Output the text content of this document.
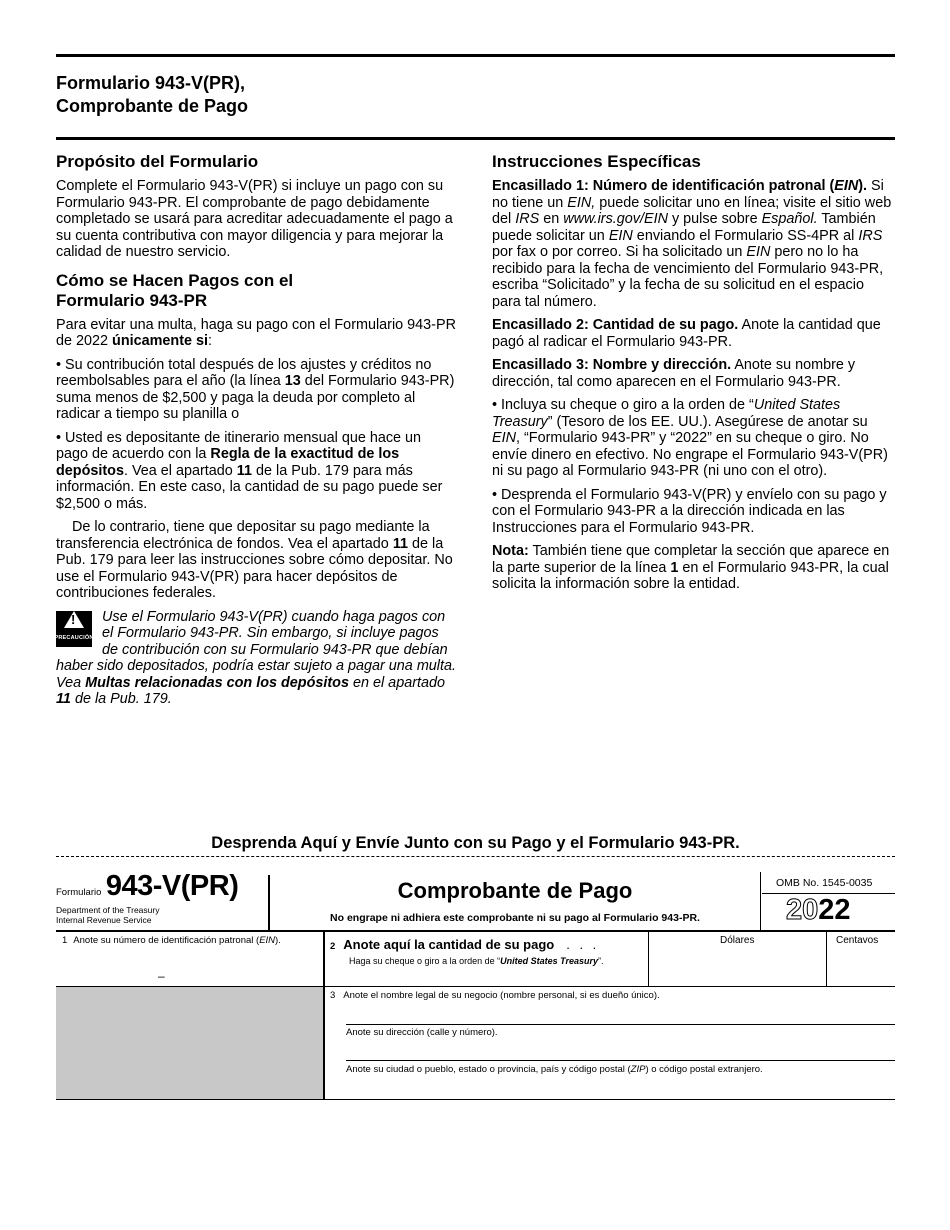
Formulario 943-V(PR),
Comprobante de Pago
Propósito del Formulario

Complete el Formulario 943-V(PR) si incluye un pago con su Formulario 943-PR. El comprobante de pago debidamente completado se usará para acreditar adecuadamente el pago a su cuenta contributiva con mayor diligencia y para mejorar la calidad de nuestro servicio.

Cómo se Hacen Pagos con el
Formulario 943-PR

Para evitar una multa, haga su pago con el Formulario 943-PR de 2022 únicamente si:

• Su contribución total después de los ajustes y créditos no reembolsables para el año (la línea 13 del Formulario 943-PR) suma menos de $2,500 y paga la deuda por completo al radicar a tiempo su planilla o

• Usted es depositante de itinerario mensual que hace un pago de acuerdo con la Regla de la exactitud de los depósitos. Vea el apartado 11 de la Pub. 179 para más información. En este caso, la cantidad de su pago puede ser $2,500 o más.

De lo contrario, tiene que depositar su pago mediante la transferencia electrónica de fondos. Vea el apartado 11 de la Pub. 179 para leer las instrucciones sobre cómo depositar. No use el Formulario 943-V(PR) para hacer depósitos de contribuciones federales.

!
PRECAUCIÓN
Use el Formulario 943-V(PR) cuando haga pagos con el Formulario 943-PR. Sin embargo, si incluye pagos de contribución con su Formulario 943-PR que debían haber sido depositados, podría estar sujeto a pagar una multa. Vea Multas relacionadas con los depósitos en el apartado 11 de la Pub. 179.
Instrucciones Específicas

Encasillado 1: Número de identificación patronal (EIN). Si no tiene un EIN, puede solicitar uno en línea; visite el sitio web del IRS en www.irs.gov/EIN y pulse sobre Español. También puede solicitar un EIN enviando el Formulario SS-4PR al IRS por fax o por correo. Si ha solicitado un EIN pero no lo ha recibido para la fecha de vencimiento del Formulario 943-PR, escriba “Solicitado” y la fecha de su solicitud en el espacio para tal número.

Encasillado 2: Cantidad de su pago. Anote la cantidad que pagó al radicar el Formulario 943-PR.

Encasillado 3: Nombre y dirección. Anote su nombre y dirección, tal como aparecen en el Formulario 943-PR.

• Incluya su cheque o giro a la orden de “United States Treasury” (Tesoro de los EE. UU.). Asegúrese de anotar su EIN, “Formulario 943-PR” y “2022” en su cheque o giro. No envíe dinero en efectivo. No engrape el Formulario 943-V(PR) ni su pago al Formulario 943-PR (ni uno con el otro).

• Desprenda el Formulario 943-V(PR) y envíelo con su pago y con el Formulario 943-PR a la dirección indicada en las Instrucciones para el Formulario 943-PR.

Nota: También tiene que completar la sección que aparece en la parte superior de la línea 1 en el Formulario 943-PR, la cual solicita la información sobre la entidad.

Desprenda Aquí y Envíe Junto con su Pago y el Formulario 943-PR.
Formulario 943-V(PR)
Department of the Treasury
Internal Revenue Service
Comprobante de Pago
No engrape ni adhiera este comprobante ni su pago al Formulario 943-PR.
OMB No. 1545-0035
2022
1 Anote su número de identificación patronal (EIN).
–
2 Anote aquí la cantidad de su pago . . .
Haga su cheque o giro a la orden de “United States Treasury”.
Dólares	Centavos
3 Anote el nombre legal de su negocio (nombre personal, si es dueño único).
Anote su dirección (calle y número).
Anote su ciudad o pueblo, estado o provincia, país y código postal (ZIP) o código postal extranjero.
